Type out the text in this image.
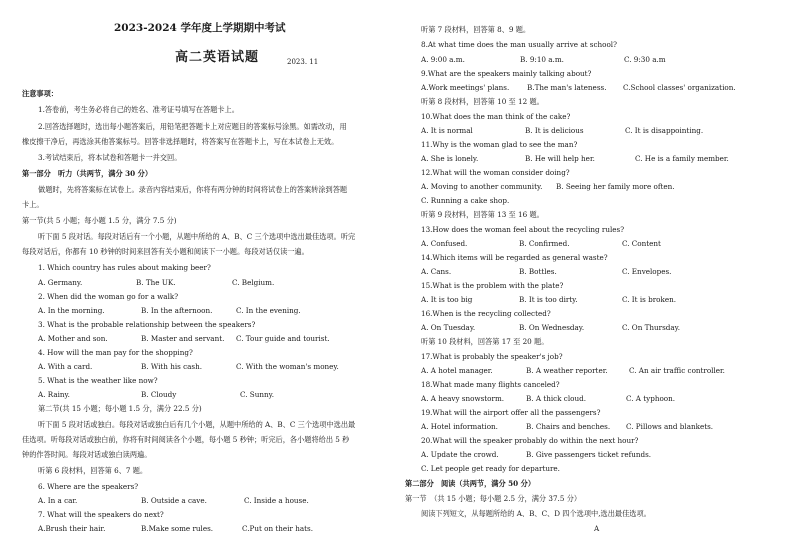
2023-2024 学年度上学期期中考试
高二英语试题	2023. 11
注意事项：
1.答卷前，考生务必将自己的姓名、准考证号填写在答题卡上。
2.回答选择题时，选出每小题答案后，用铅笔把答题卡上对应题目的答案标号涂黑。如需改动，用
橡皮擦干净后，再选涂其他答案标号。回答非选择题时，将答案写在答题卡上，写在本试卷上无效。
3.考试结束后，将本试卷和答题卡一并交回。
第一部分　听力（共两节，满分 30 分）
做题时，先将答案标在试卷上。录音内容结束后，你将有两分钟的时间将试卷上的答案转涂到答题
卡上。
第一节(共 5 小题；每小题 1.5 分，满分 7.5 分)
听下面 5 段对话。每段对话后有一个小题，从题中所给的 A、B、C 三个选项中选出最佳选项。听完
每段对话后，你都有 10 秒钟的时间来回答有关小题和阅读下一小题。每段对话仅读一遍。
1. Which country has rules about making beer?
A. Germany.	B. The UK.	C. Belgium.
2. When did the woman go for a walk?
A. In the morning.	B. In the afternoon.	C. In the evening.
3. What is the probable relationship between the speakers?
A. Mother and son.	B. Master and servant. C. Tour guide and tourist.
4. How will the man pay for the shopping?
A. With a card.	B. With his cash.	C. With the woman's money.
5. What is the weather like now?
A. Rainy.	B. Cloudy	C. Sunny.
第二节(共 15 小题；每小题 1.5 分，满分 22.5 分)
听下面 5 段对话或独白。每段对话或独白后有几个小题，从题中所给的 A、B、C 三个选项中选出最
佳选项。听每段对话或独白前，你将有时间阅读各个小题，每小题 5 秒钟；听完后，各小题将给出 5 秒
钟的作答时间。每段对话或独白读两遍。
听第 6 段材料，回答第 6、7 题。
6. Where are the speakers?
A. In a car.	B. Outside a cave.	C. Inside a house.
7. What will the speakers do next?
A.Brush their hair.	B.Make some rules.	C.Put on their hats.
听第 7 段材料，回答第 8、9 题。
8.At what time does the man usually arrive at school?
A. 9:00 a.m.	B. 9:10 a.m.	C. 9:30 a.m
9.What are the speakers mainly talking about?
A.Work meetings' plans. B.The man's lateness. C.School classes' organization.
听第 8 段材料，回答第 10 至 12 题。
10.What does the man think of the cake?
A. It is normal	B. It is delicious	C. It is disappointing.
11.Why is the woman glad to see the man?
A. She is lonely.	B. He will help her.	C. He is a family member.
12.What will the woman consider doing?
A. Moving to another community. B. Seeing her family more often.
C. Running a cake shop.
听第 9 段材料，回答第 13 至 16 题。
13.How does the woman feel about the recycling rules?
A. Confused.	B. Confirmed.	C. Content
14.Which items will be regarded as general waste?
A. Cans.	B. Bottles.	C. Envelopes.
15.What is the problem with the plate?
A. It is too big	B. It is too dirty.	C. It is broken.
16.When is the recycling collected?
A. On Tuesday.	B. On Wednesday.	C. On Thursday.
听第 10 段材料，回答第 17 至 20 题。
17.What is probably the speaker's job?
A. A hotel manager.	B. A weather reporter.	C. An air traffic controller.
18.What made many flights canceled?
A. A heavy snowstorm.	B. A thick cloud.	C. A typhoon.
19.What will the airport offer all the passengers?
A. Hotel information.	B. Chairs and benches. C. Pillows and blankets.
20.What will the speaker probably do within the next hour?
A. Update the crowd.	B. Give passengers ticket refunds.
C. Let people get ready for departure.
第二部分　阅读（共两节，满分 50 分）
第一节　（共 15 小题；每小题 2.5 分，满分 37.5 分）
阅读下列短文，从每题所给的 A、B、C、D 四个选项中,选出最佳选项。
A
